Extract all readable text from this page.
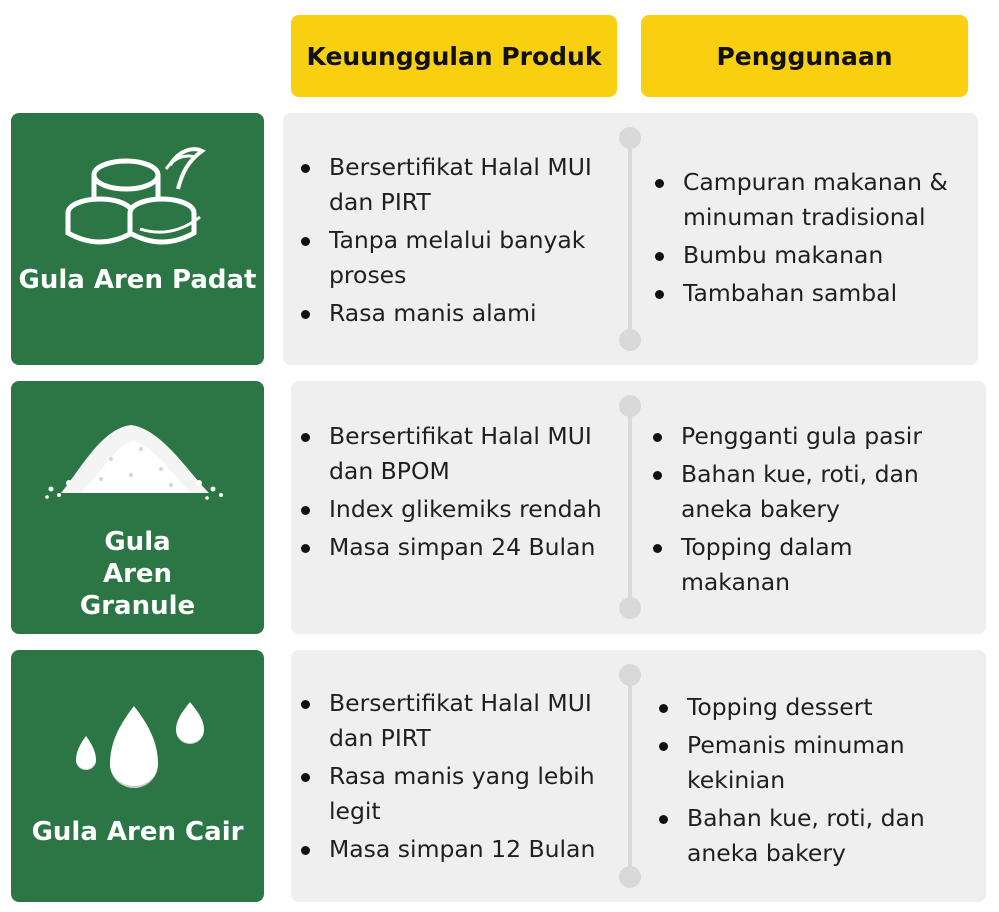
Keuunggulan Produk	Penggunaan
Gula Aren Padat
Bersertifikat Halal MUI dan PIRT
Tanpa melalui banyak proses
Rasa manis alami
Campuran makanan & minuman tradisional
Bumbu makanan
Tambahan sambal
Gula Aren Granule
Bersertifikat Halal MUI dan BPOM
Index glikemiks rendah
Masa simpan 24 Bulan
Pengganti gula pasir
Bahan kue, roti, dan aneka bakery
Topping dalam makanan
Gula Aren Cair
Bersertifikat Halal MUI dan PIRT
Rasa manis yang lebih legit
Masa simpan 12 Bulan
Topping dessert
Pemanis minuman kekinian
Bahan kue, roti, dan aneka bakery
